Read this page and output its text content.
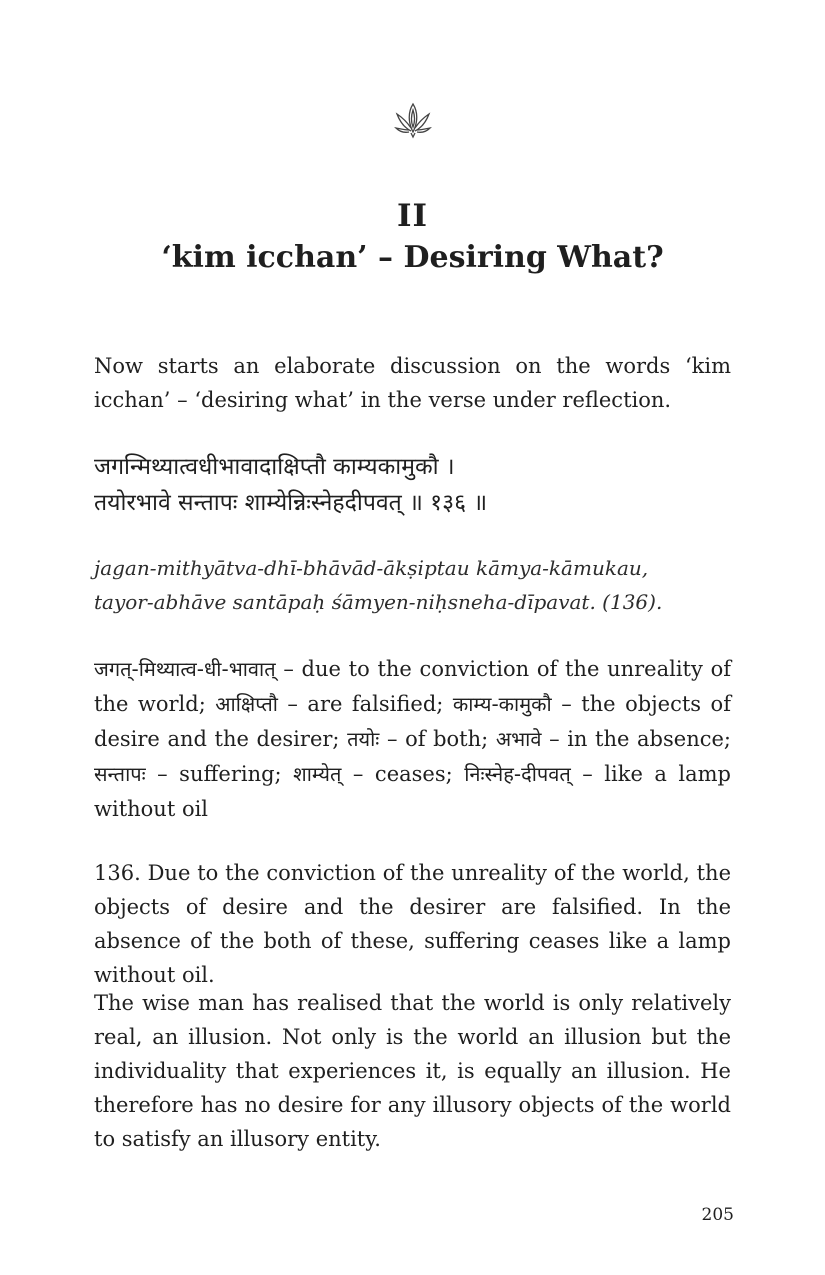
II
‘kim icchan’ – Desiring What?

Now starts an elaborate discussion on the words ‘kim icchan’ – ‘desiring what’ in the verse under reflection.

जगन्मिथ्यात्वधीभावादाक्षिप्तौ काम्यकामुकौ ।
तयोरभावे सन्तापः शाम्येन्निःस्नेहदीपवत् ॥ १३६ ॥
jagan-mithyātva-dhī-bhāvād-ākṣiptau kāmya-kāmukau,
tayor-abhāve santāpaḥ śāmyen-niḥsneha-dīpavat. (136).

जगत्-मिथ्यात्व-धी-भावात् – due to the conviction of the unreality of the world; आक्षिप्तौ – are falsified; काम्य-कामुकौ – the objects of desire and the desirer; तयोः – of both; अभावे – in the absence; सन्तापः – suffering; शाम्येत् – ceases; निःस्नेह-दीपवत् – like a lamp without oil

136. Due to the conviction of the unreality of the world, the objects of desire and the desirer are falsified. In the absence of the both of these, suffering ceases like a lamp without oil.

The wise man has realised that the world is only relatively real, an illusion. Not only is the world an illusion but the individuality that experiences it, is equally an illusion. He therefore has no desire for any illusory objects of the world to satisfy an illusory entity.

205
